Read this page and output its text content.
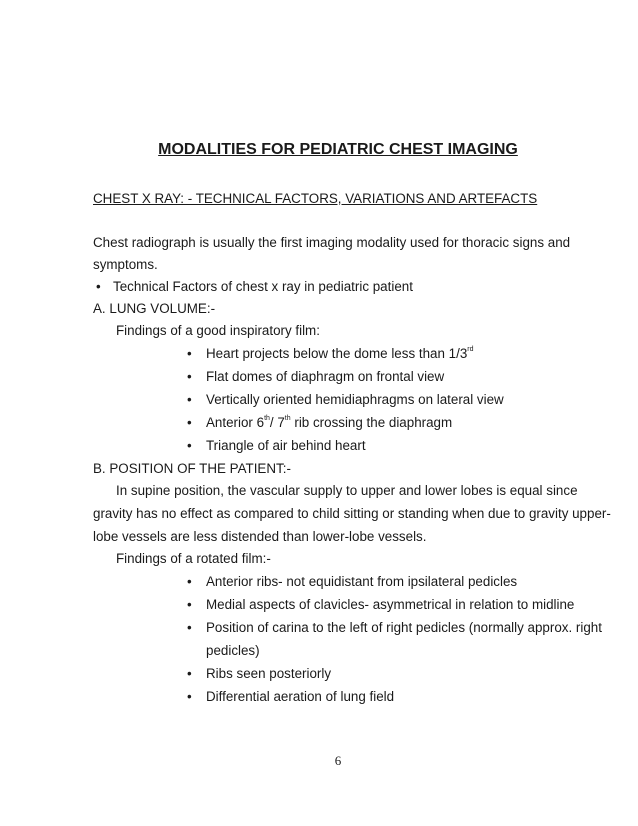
MODALITIES FOR PEDIATRIC CHEST IMAGING
CHEST X RAY: - TECHNICAL FACTORS, VARIATIONS AND ARTEFACTS
Chest radiograph is usually the first imaging modality used for thoracic signs and
symptoms.
• Technical Factors of chest x ray in pediatric patient
A. LUNG VOLUME:-
Findings of a good inspiratory film:
• Heart projects below the dome less than 1/3rd
• Flat domes of diaphragm on frontal view
• Vertically oriented hemidiaphragms on lateral view
• Anterior 6th/ 7th rib crossing the diaphragm
• Triangle of air behind heart
B. POSITION OF THE PATIENT:-
In supine position, the vascular supply to upper and lower lobes is equal since
gravity has no effect as compared to child sitting or standing when due to gravity upper-
lobe vessels are less distended than lower-lobe vessels.
Findings of a rotated film:-
• Anterior ribs- not equidistant from ipsilateral pedicles
• Medial aspects of clavicles- asymmetrical in relation to midline
• Position of carina to the left of right pedicles (normally approx. right
pedicles)
• Ribs seen posteriorly
• Differential aeration of lung field
6
